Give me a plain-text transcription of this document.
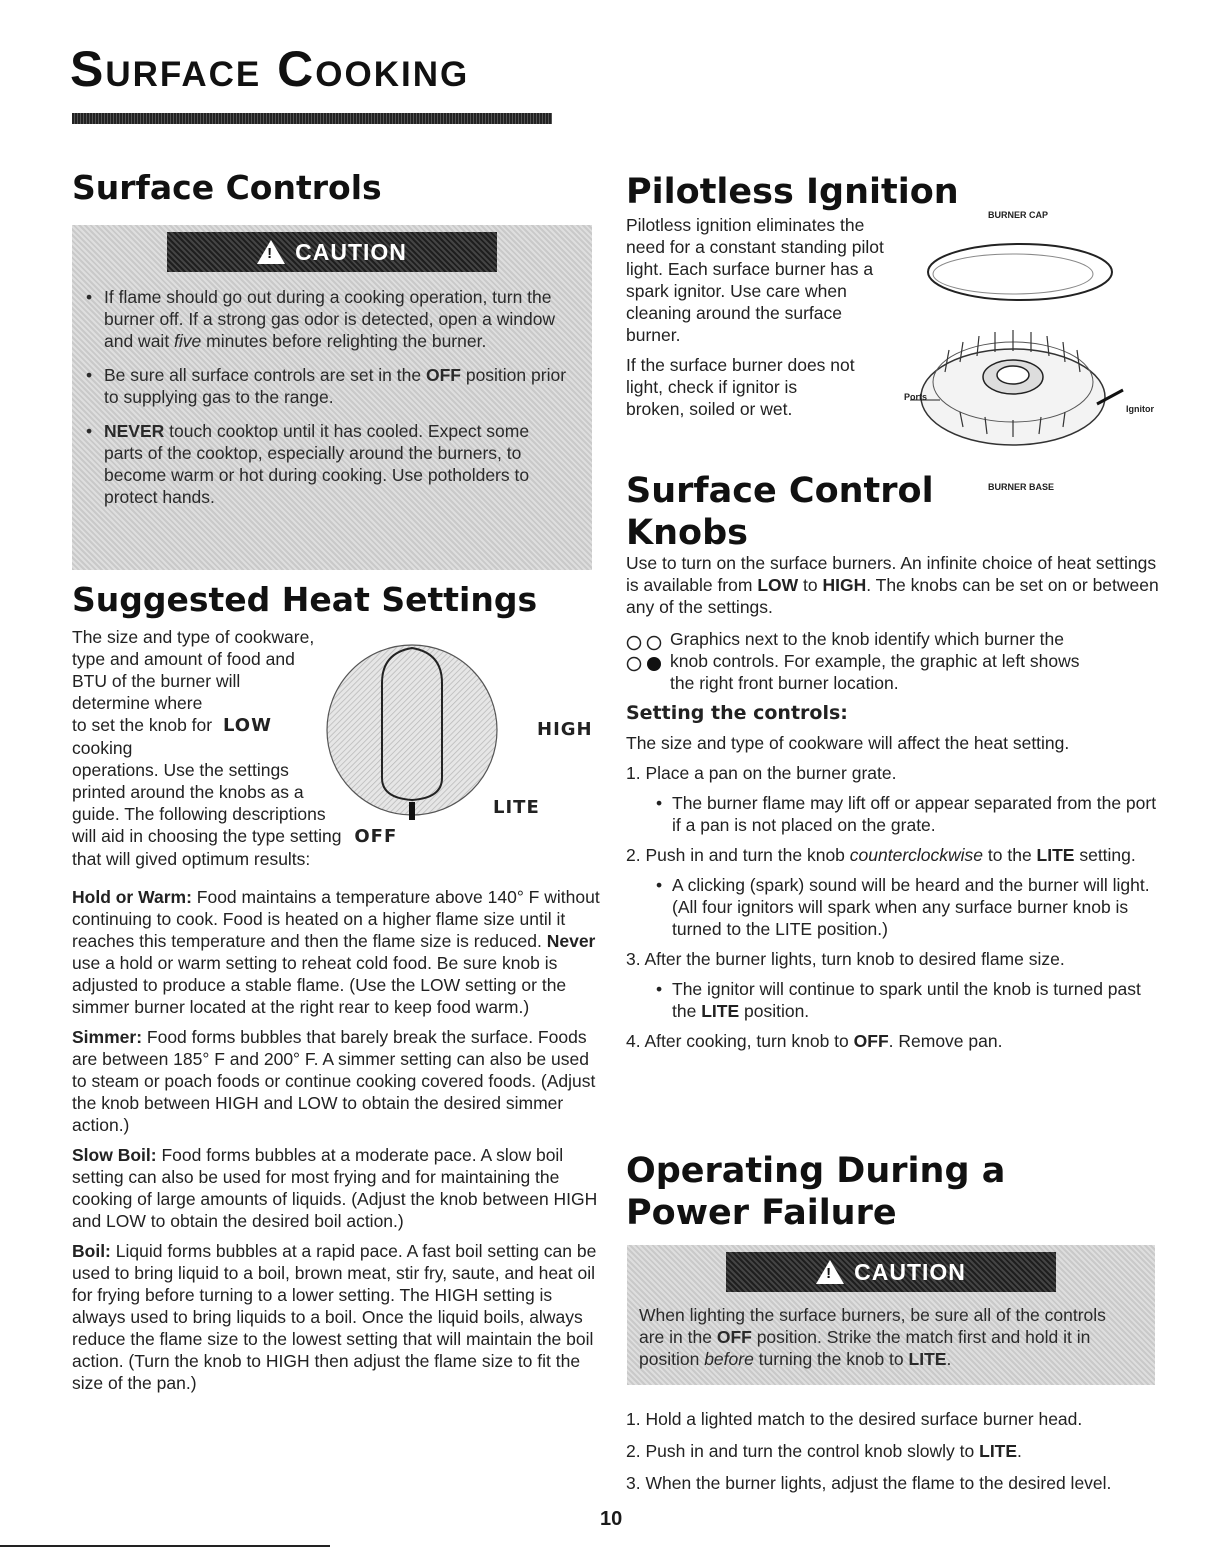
Surface Cooking
Surface Controls
! CAUTION
• If flame should go out during a cooking operation, turn the burner off. If a strong gas odor is detected, open a window and wait five minutes before relighting the burner.
• Be sure all surface controls are set in the OFF position prior to supplying gas to the range.
• NEVER touch cooktop until it has cooled. Expect some parts of the cooktop, especially around the burners, to become warm or hot during cooking. Use potholders to protect hands.
Suggested Heat Settings
The size and type of cookware,
type and amount of food and
BTU of the burner will
determine where
to set the knob for LOW
cooking
operations. Use the settings
printed around the knobs as a
guide. The following descriptions
will aid in choosing the type setting OFF
that will gived optimum results:
HIGH
LITE

Hold or Warm: Food maintains a temperature above 140° F without continuing to cook. Food is heated on a higher flame size until it reaches this temperature and then the flame size is reduced. Never use a hold or warm setting to reheat cold food. Be sure knob is adjusted to produce a stable flame. (Use the LOW setting or the simmer burner located at the right rear to keep food warm.)

Simmer: Food forms bubbles that barely break the surface. Foods are between 185° F and 200° F. A simmer setting can also be used to steam or poach foods or continue cooking covered foods. (Adjust the knob between HIGH and LOW to obtain the desired simmer action.)

Slow Boil: Food forms bubbles at a moderate pace. A slow boil setting can also be used for most frying and for maintaining the cooking of large amounts of liquids. (Adjust the knob between HIGH and LOW to obtain the desired boil action.)

Boil: Liquid forms bubbles at a rapid pace. A fast boil setting can be used to bring liquid to a boil, brown meat, stir fry, saute, and heat oil for frying before turning to a lower setting. The HIGH setting is always used to bring liquids to a boil. Once the liquid boils, always reduce the flame size to the lowest setting that will maintain the boil action. (Turn the knob to HIGH then adjust the flame size to fit the size of the pan.)

Pilotless Ignition
Pilotless ignition eliminates the
need for a constant standing pilot
light. Each surface burner has a
spark ignitor. Use care when
cleaning around the surface
burner.
If the surface burner does not
light, check if ignitor is
broken, soiled or wet.
BURNER CAP
Ports
Ignitor
BURNER BASE
Surface Control
Knobs

Use to turn on the surface burners. An infinite choice of heat settings is available from LOW to HIGH. The knobs can be set on or between any of the settings.

Graphics next to the knob identify which burner the
knob controls. For example, the graphic at left shows
the right front burner location.
Setting the controls:

The size and type of cookware will affect the heat setting.

1. Place a pan on the burner grate.
• The burner flame may lift off or appear separated from the port if a pan is not placed on the grate.
2. Push in and turn the knob counterclockwise to the LITE setting.
• A clicking (spark) sound will be heard and the burner will light. (All four ignitors will spark when any surface burner knob is turned to the LITE position.)
3. After the burner lights, turn knob to desired flame size.
• The ignitor will continue to spark until the knob is turned past the LITE position.
4. After cooking, turn knob to OFF. Remove pan.
Operating During a
Power Failure
! CAUTION
When lighting the surface burners, be sure all of the controls are in the OFF position. Strike the match first and hold it in position before turning the knob to LITE.
1. Hold a lighted match to the desired surface burner head.
2. Push in and turn the control knob slowly to LITE.
3. When the burner lights, adjust the flame to the desired level.
10
